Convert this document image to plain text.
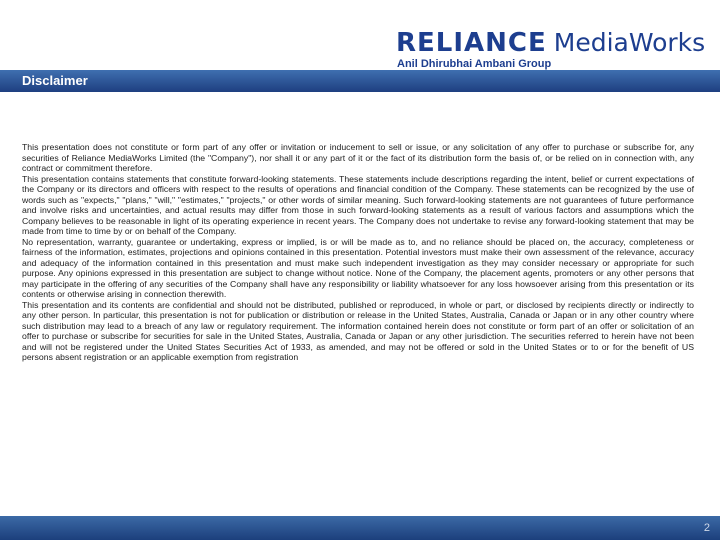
RELIANCE MediaWorks
Anil Dhirubhai Ambani Group
Disclaimer

This presentation does not constitute or form part of any offer or invitation or inducement to sell or issue, or any solicitation of any offer to purchase or subscribe for, any securities of Reliance MediaWorks Limited (the "Company"), nor shall it or any part of it or the fact of its distribution form the basis of, or be relied on in connection with, any contract or commitment therefore.

This presentation contains statements that constitute forward-looking statements. These statements include descriptions regarding the intent, belief or current expectations of the Company or its directors and officers with respect to the results of operations and financial condition of the Company. These statements can be recognized by the use of words such as "expects," "plans," "will," "estimates," "projects," or other words of similar meaning. Such forward-looking statements are not guarantees of future performance and involve risks and uncertainties, and actual results may differ from those in such forward-looking statements as a result of various factors and assumptions which the Company believes to be reasonable in light of its operating experience in recent years. The Company does not undertake to revise any forward-looking statement that may be made from time to time by or on behalf of the Company.

No representation, warranty, guarantee or undertaking, express or implied, is or will be made as to, and no reliance should be placed on, the accuracy, completeness or fairness of the information, estimates, projections and opinions contained in this presentation. Potential investors must make their own assessment of the relevance, accuracy and adequacy of the information contained in this presentation and must make such independent investigation as they may consider necessary or appropriate for such purpose. Any opinions expressed in this presentation are subject to change without notice. None of the Company, the placement agents, promoters or any other persons that may participate in the offering of any securities of the Company shall have any responsibility or liability whatsoever for any loss howsoever arising from this presentation or its contents or otherwise arising in connection therewith.

This presentation and its contents are confidential and should not be distributed, published or reproduced, in whole or part, or disclosed by recipients directly or indirectly to any other person. In particular, this presentation is not for publication or distribution or release in the United States, Australia, Canada or Japan or in any other country where such distribution may lead to a breach of any law or regulatory requirement. The information contained herein does not constitute or form part of an offer or solicitation of an offer to purchase or subscribe for securities for sale in the United States, Australia, Canada or Japan or any other jurisdiction. The securities referred to herein have not been and will not be registered under the United States Securities Act of 1933, as amended, and may not be offered or sold in the United States or to or for the benefit of US persons absent registration or an applicable exemption from registration

2
